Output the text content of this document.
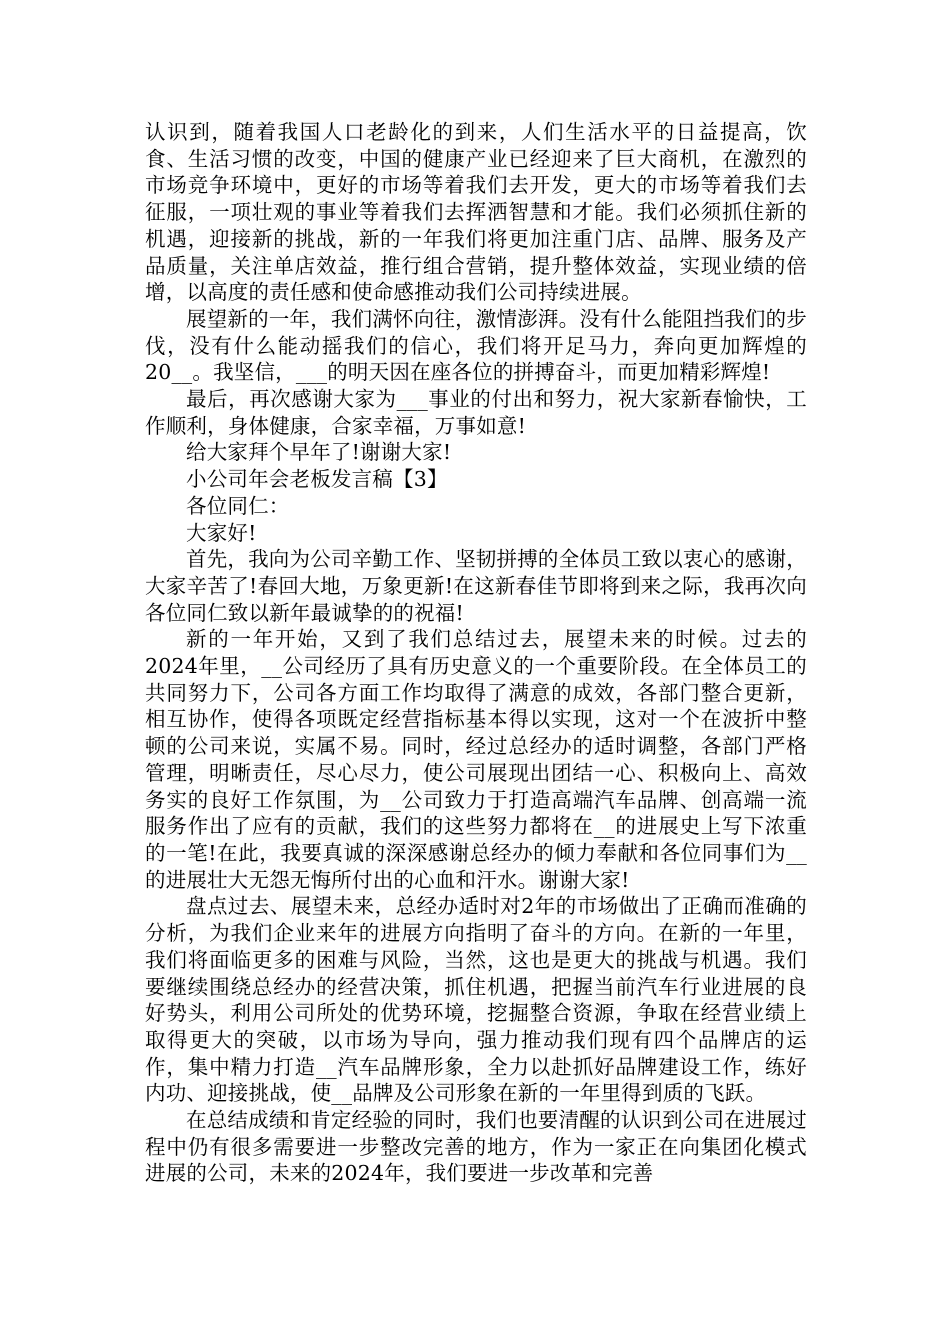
认识到，随着我国人口老龄化的到来，人们生活水平的日益提高，饮食、生活习惯的改变，中国的健康产业已经迎来了巨大商机，在激烈的市场竞争环境中，更好的市场等着我们去开发，更大的市场等着我们去征服，一项壮观的事业等着我们去挥洒智慧和才能。我们必须抓住新的机遇，迎接新的挑战，新的一年我们将更加注重门店、品牌、服务及产品质量，关注单店效益，推行组合营销，提升整体效益，实现业绩的倍增，以高度的责任感和使命感推动我们公司持续进展。

展望新的一年，我们满怀向往，激情澎湃。没有什么能阻挡我们的步伐，没有什么能动摇我们的信心，我们将开足马力，奔向更加辉煌的20__。我坚信，___的明天因在座各位的拼搏奋斗，而更加精彩辉煌!

最后，再次感谢大家为___事业的付出和努力，祝大家新春愉快，工作顺利，身体健康，合家幸福，万事如意!

给大家拜个早年了!谢谢大家!

小公司年会老板发言稿【3】

各位同仁：

大家好!

首先，我向为公司辛勤工作、坚韧拼搏的全体员工致以衷心的感谢，大家辛苦了!春回大地，万象更新!在这新春佳节即将到来之际，我再次向各位同仁致以新年最诚挚的的祝福!

新的一年开始，又到了我们总结过去，展望未来的时候。过去的2024年里，__公司经历了具有历史意义的一个重要阶段。在全体员工的共同努力下，公司各方面工作均取得了满意的成效，各部门整合更新，相互协作，使得各项既定经营指标基本得以实现，这对一个在波折中整顿的公司来说，实属不易。同时，经过总经办的适时调整，各部门严格管理，明晰责任，尽心尽力，使公司展现出团结一心、积极向上、高效务实的良好工作氛围，为__公司致力于打造高端汽车品牌、创高端一流服务作出了应有的贡献，我们的这些努力都将在__的进展史上写下浓重的一笔!在此，我要真诚的深深感谢总经办的倾力奉献和各位同事们为__的进展壮大无怨无悔所付出的心血和汗水。谢谢大家!

盘点过去、展望未来，总经办适时对2年的市场做出了正确而准确的分析，为我们企业来年的进展方向指明了奋斗的方向。在新的一年里，我们将面临更多的困难与风险，当然，这也是更大的挑战与机遇。我们要继续围绕总经办的经营决策，抓住机遇，把握当前汽车行业进展的良好势头，利用公司所处的优势环境，挖掘整合资源，争取在经营业绩上取得更大的突破，以市场为导向，强力推动我们现有四个品牌店的运作，集中精力打造__汽车品牌形象，全力以赴抓好品牌建设工作，练好内功、迎接挑战，使__品牌及公司形象在新的一年里得到质的飞跃。

在总结成绩和肯定经验的同时，我们也要清醒的认识到公司在进展过程中仍有很多需要进一步整改完善的地方，作为一家正在向集团化模式进展的公司，未来的2024年，我们要进一步改革和完善
